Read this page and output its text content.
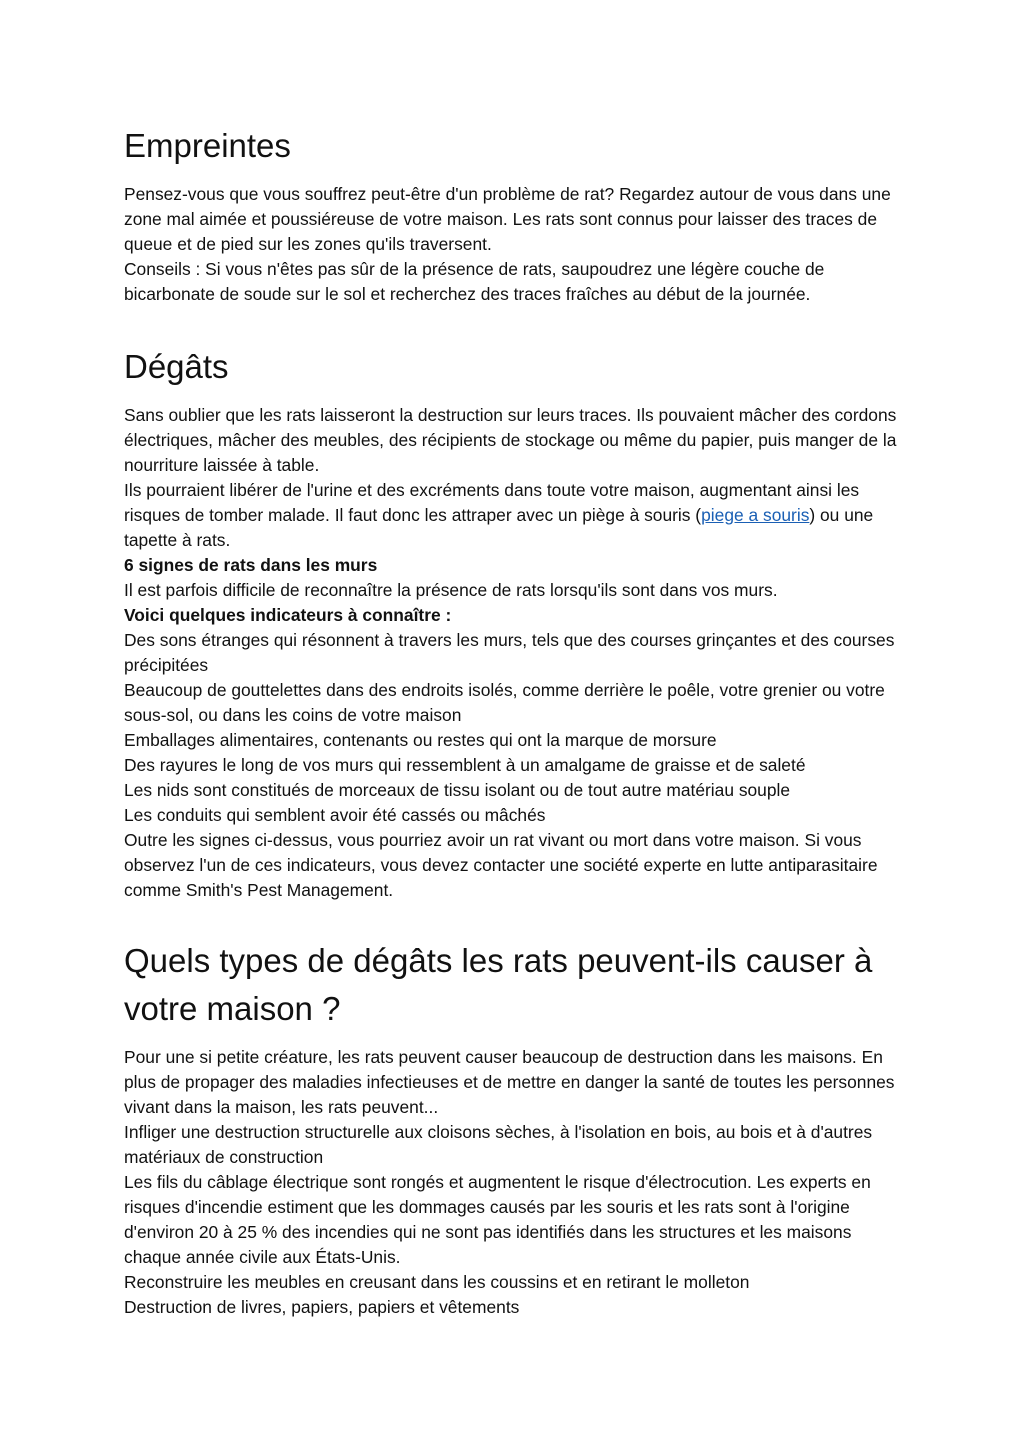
Empreintes

Pensez-vous que vous souffrez peut-être d'un problème de rat? Regardez autour de vous dans une zone mal aimée et poussiéreuse de votre maison. Les rats sont connus pour laisser des traces de queue et de pied sur les zones qu'ils traversent.

Conseils : Si vous n'êtes pas sûr de la présence de rats, saupoudrez une légère couche de bicarbonate de soude sur le sol et recherchez des traces fraîches au début de la journée.

Dégâts

Sans oublier que les rats laisseront la destruction sur leurs traces. Ils pouvaient mâcher des cordons électriques, mâcher des meubles, des récipients de stockage ou même du papier, puis manger de la nourriture laissée à table.

Ils pourraient libérer de l'urine et des excréments dans toute votre maison, augmentant ainsi les risques de tomber malade. Il faut donc les attraper avec un piège à souris (piege a souris) ou une tapette à rats.

6 signes de rats dans les murs

Il est parfois difficile de reconnaître la présence de rats lorsqu'ils sont dans vos murs.

Voici quelques indicateurs à connaître :

Des sons étranges qui résonnent à travers les murs, tels que des courses grinçantes et des courses précipitées

Beaucoup de gouttelettes dans des endroits isolés, comme derrière le poêle, votre grenier ou votre sous-sol, ou dans les coins de votre maison

Emballages alimentaires, contenants ou restes qui ont la marque de morsure

Des rayures le long de vos murs qui ressemblent à un amalgame de graisse et de saleté

Les nids sont constitués de morceaux de tissu isolant ou de tout autre matériau souple

Les conduits qui semblent avoir été cassés ou mâchés

Outre les signes ci-dessus, vous pourriez avoir un rat vivant ou mort dans votre maison. Si vous observez l'un de ces indicateurs, vous devez contacter une société experte en lutte antiparasitaire comme Smith's Pest Management.

Quels types de dégâts les rats peuvent-ils causer à votre maison ?

Pour une si petite créature, les rats peuvent causer beaucoup de destruction dans les maisons. En plus de propager des maladies infectieuses et de mettre en danger la santé de toutes les personnes vivant dans la maison, les rats peuvent...

Infliger une destruction structurelle aux cloisons sèches, à l'isolation en bois, au bois et à d'autres matériaux de construction

Les fils du câblage électrique sont rongés et augmentent le risque d'électrocution. Les experts en risques d'incendie estiment que les dommages causés par les souris et les rats sont à l'origine d'environ 20 à 25 % des incendies qui ne sont pas identifiés dans les structures et les maisons chaque année civile aux États-Unis.

Reconstruire les meubles en creusant dans les coussins et en retirant le molleton

Destruction de livres, papiers, papiers et vêtements
